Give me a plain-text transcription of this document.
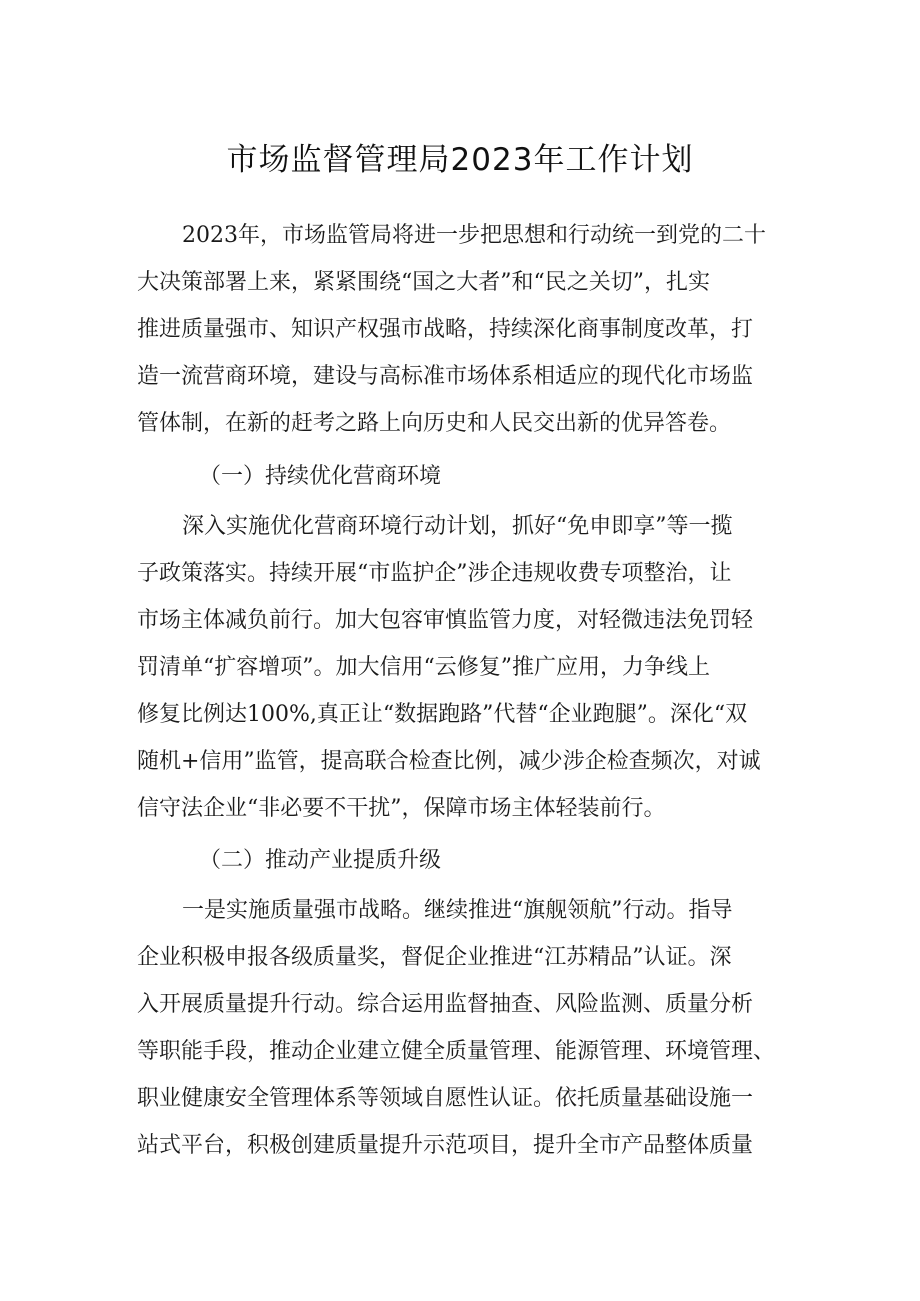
市场监督管理局2023年工作计划
2023年，市场监管局将进一步把思想和行动统一到党的二十
大决策部署上来，紧紧围绕“国之大者”和“民之关切”，扎实
推进质量强市、知识产权强市战略，持续深化商事制度改革，打
造一流营商环境，建设与高标准市场体系相适应的现代化市场监
管体制，在新的赶考之路上向历史和人民交出新的优异答卷。
（一）持续优化营商环境
深入实施优化营商环境行动计划，抓好“免申即享”等一揽
子政策落实。持续开展“市监护企”涉企违规收费专项整治，让
市场主体减负前行。加大包容审慎监管力度，对轻微违法免罚轻
罚清单“扩容增项”。加大信用“云修复”推广应用，力争线上
修复比例达100%,真正让“数据跑路”代替“企业跑腿”。深化“双
随机+信用”监管，提高联合检查比例，减少涉企检查频次，对诚
信守法企业“非必要不干扰”，保障市场主体轻装前行。
（二）推动产业提质升级
一是实施质量强市战略。继续推进“旗舰领航”行动。指导
企业积极申报各级质量奖，督促企业推进“江苏精品”认证。深
入开展质量提升行动。综合运用监督抽查、风险监测、质量分析
等职能手段，推动企业建立健全质量管理、能源管理、环境管理、
职业健康安全管理体系等领域自愿性认证。依托质量基础设施一
站式平台，积极创建质量提升示范项目，提升全市产品整体质量
